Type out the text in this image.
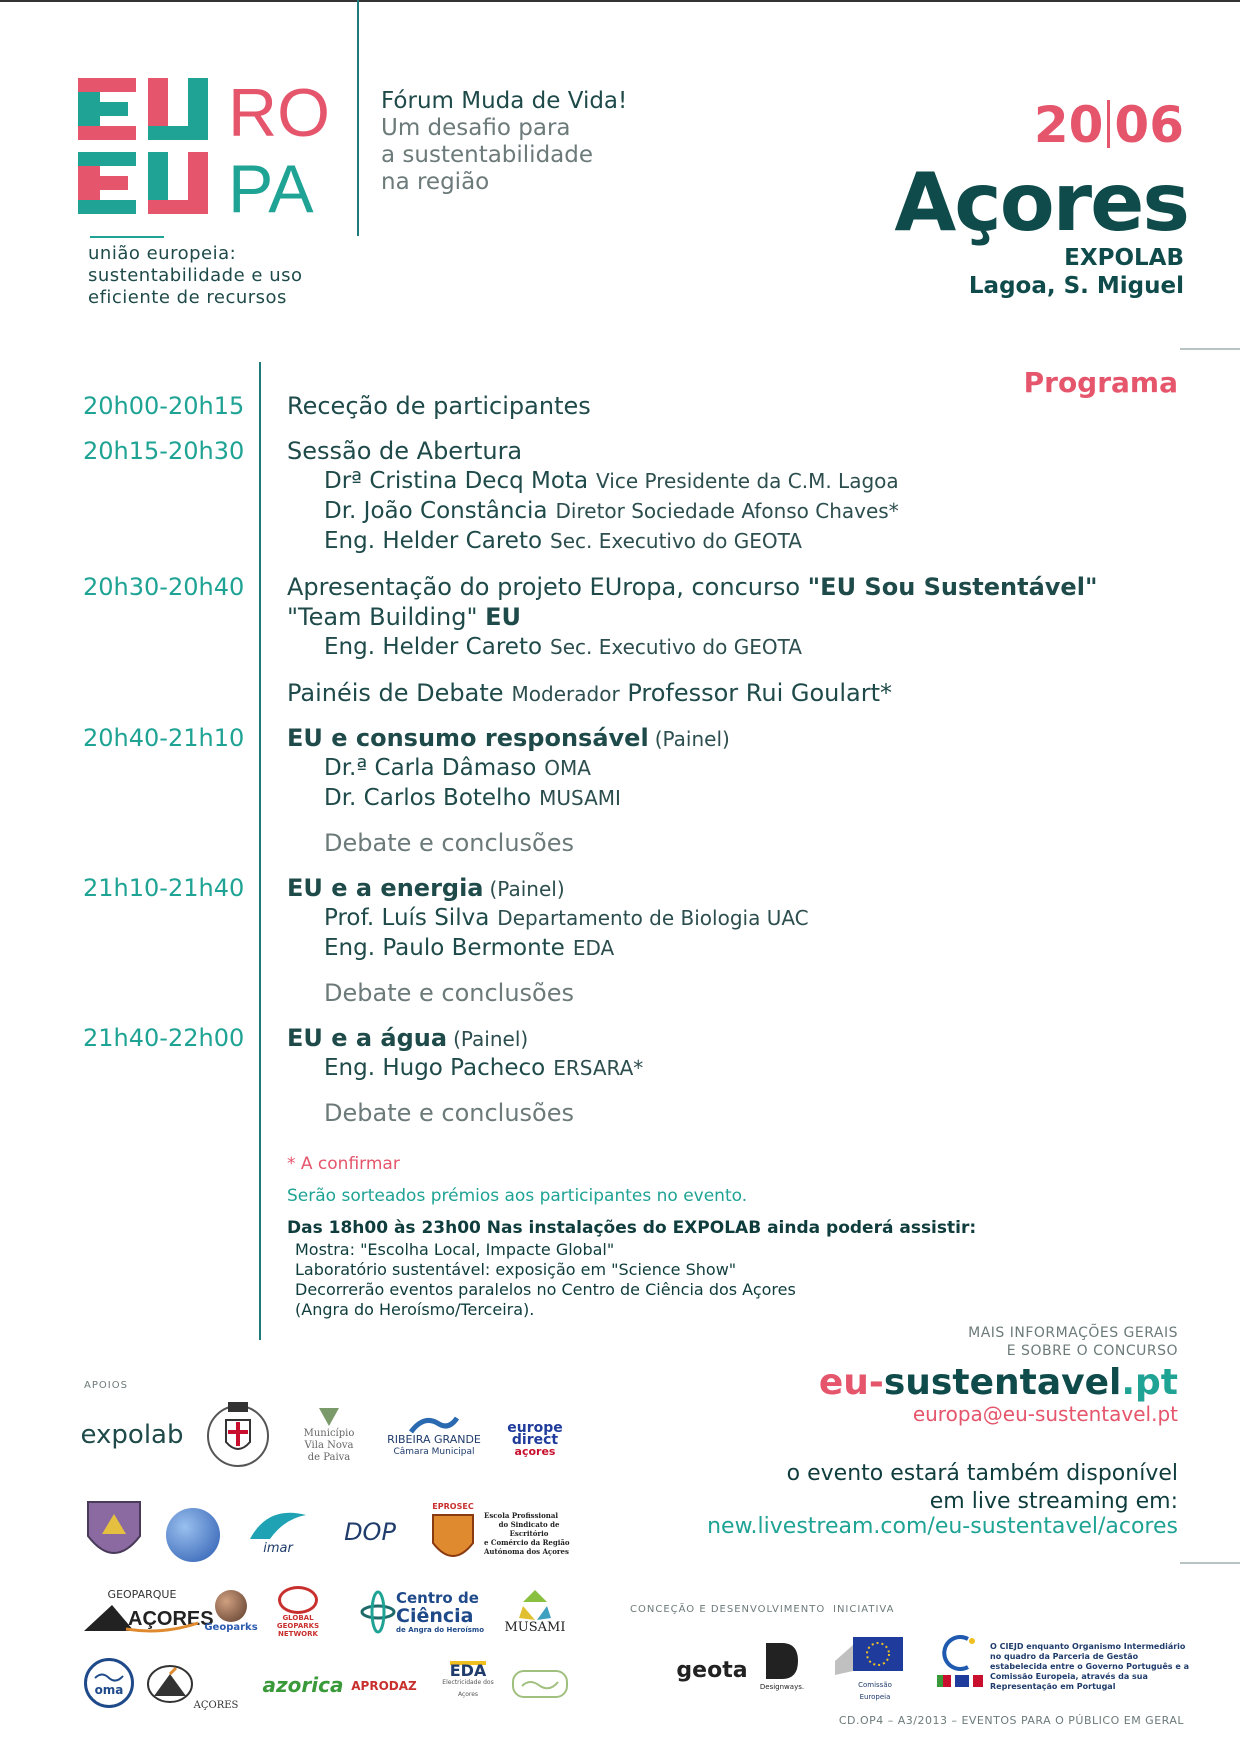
RO
PA
união europeia:
sustentabilidade e uso
eficiente de recursos
Fórum Muda de Vida!
Um desafio para
a sustentabilidade
na região
20 06
Açores
EXPOLAB
Lagoa, S. Miguel
Programa
20h00-20h15 Receção de participantes
20h15-20h30 Sessão de Abertura
Drª Cristina Decq Mota Vice Presidente da C.M. Lagoa
Dr. João Constância Diretor Sociedade Afonso Chaves*
Eng. Helder Careto Sec. Executivo do GEOTA
20h30-20h40 Apresentação do projeto EUropa, concurso "EU Sou Sustentável"
"Team Building" EU
Eng. Helder Careto Sec. Executivo do GEOTA
Painéis de Debate Moderador Professor Rui Goulart*
20h40-21h10 EU e consumo responsável (Painel)
Dr.ª Carla Dâmaso OMA
Dr. Carlos Botelho MUSAMI
Debate e conclusões
21h10-21h40 EU e a energia (Painel)
Prof. Luís Silva Departamento de Biologia UAC
Eng. Paulo Bermonte EDA
Debate e conclusões
21h40-22h00 EU e a água (Painel)
Eng. Hugo Pacheco ERSARA*
Debate e conclusões
* A confirmar
Serão sorteados prémios aos participantes no evento.
Das 18h00 às 23h00 Nas instalações do EXPOLAB ainda poderá assistir:
Mostra: "Escolha Local, Impacte Global"
Laboratório sustentável: exposição em "Science Show"
Decorrerão eventos paralelos no Centro de Ciência dos Açores
(Angra do Heroísmo/Terceira).
MAIS INFORMAÇÕES GERAIS
E SOBRE O CONCURSO
eu-sustentavel.pt
europa@eu-sustentavel.pt
o evento estará também disponível
em live streaming em:
new.livestream.com/eu-sustentavel/acores
APOIOS
expolab	Município
Vila Nova
de Paiva
RIBEIRA GRANDE
Câmara Municipal
europe
direct
açores
imar
DOP
EPROSEC
Escola Profissional
do Sindicato de Escritório
e Comércio da Região
Autónoma dos Açores
GEOPARQUE
AÇORES
Geoparks
GLOBAL
GEOPARKS
NETWORK
Centro de
Ciência
de Angra do Heroísmo MUSAMI
oma
AÇORES
azorica APRODAZ
EDA
Electricidade dos Açores
CONCEÇÃO E DESENVOLVIMENTO
geota
Designways.
INICIATIVA
Comissão
Europeia
O CIEJD enquanto Organismo Intermediário no quadro da Parceria de Gestão estabelecida entre o Governo Português e a Comissão Europeia, através da sua Representação em Portugal
CD.OP4 – A3/2013 – EVENTOS PARA O PÚBLICO EM GERAL
